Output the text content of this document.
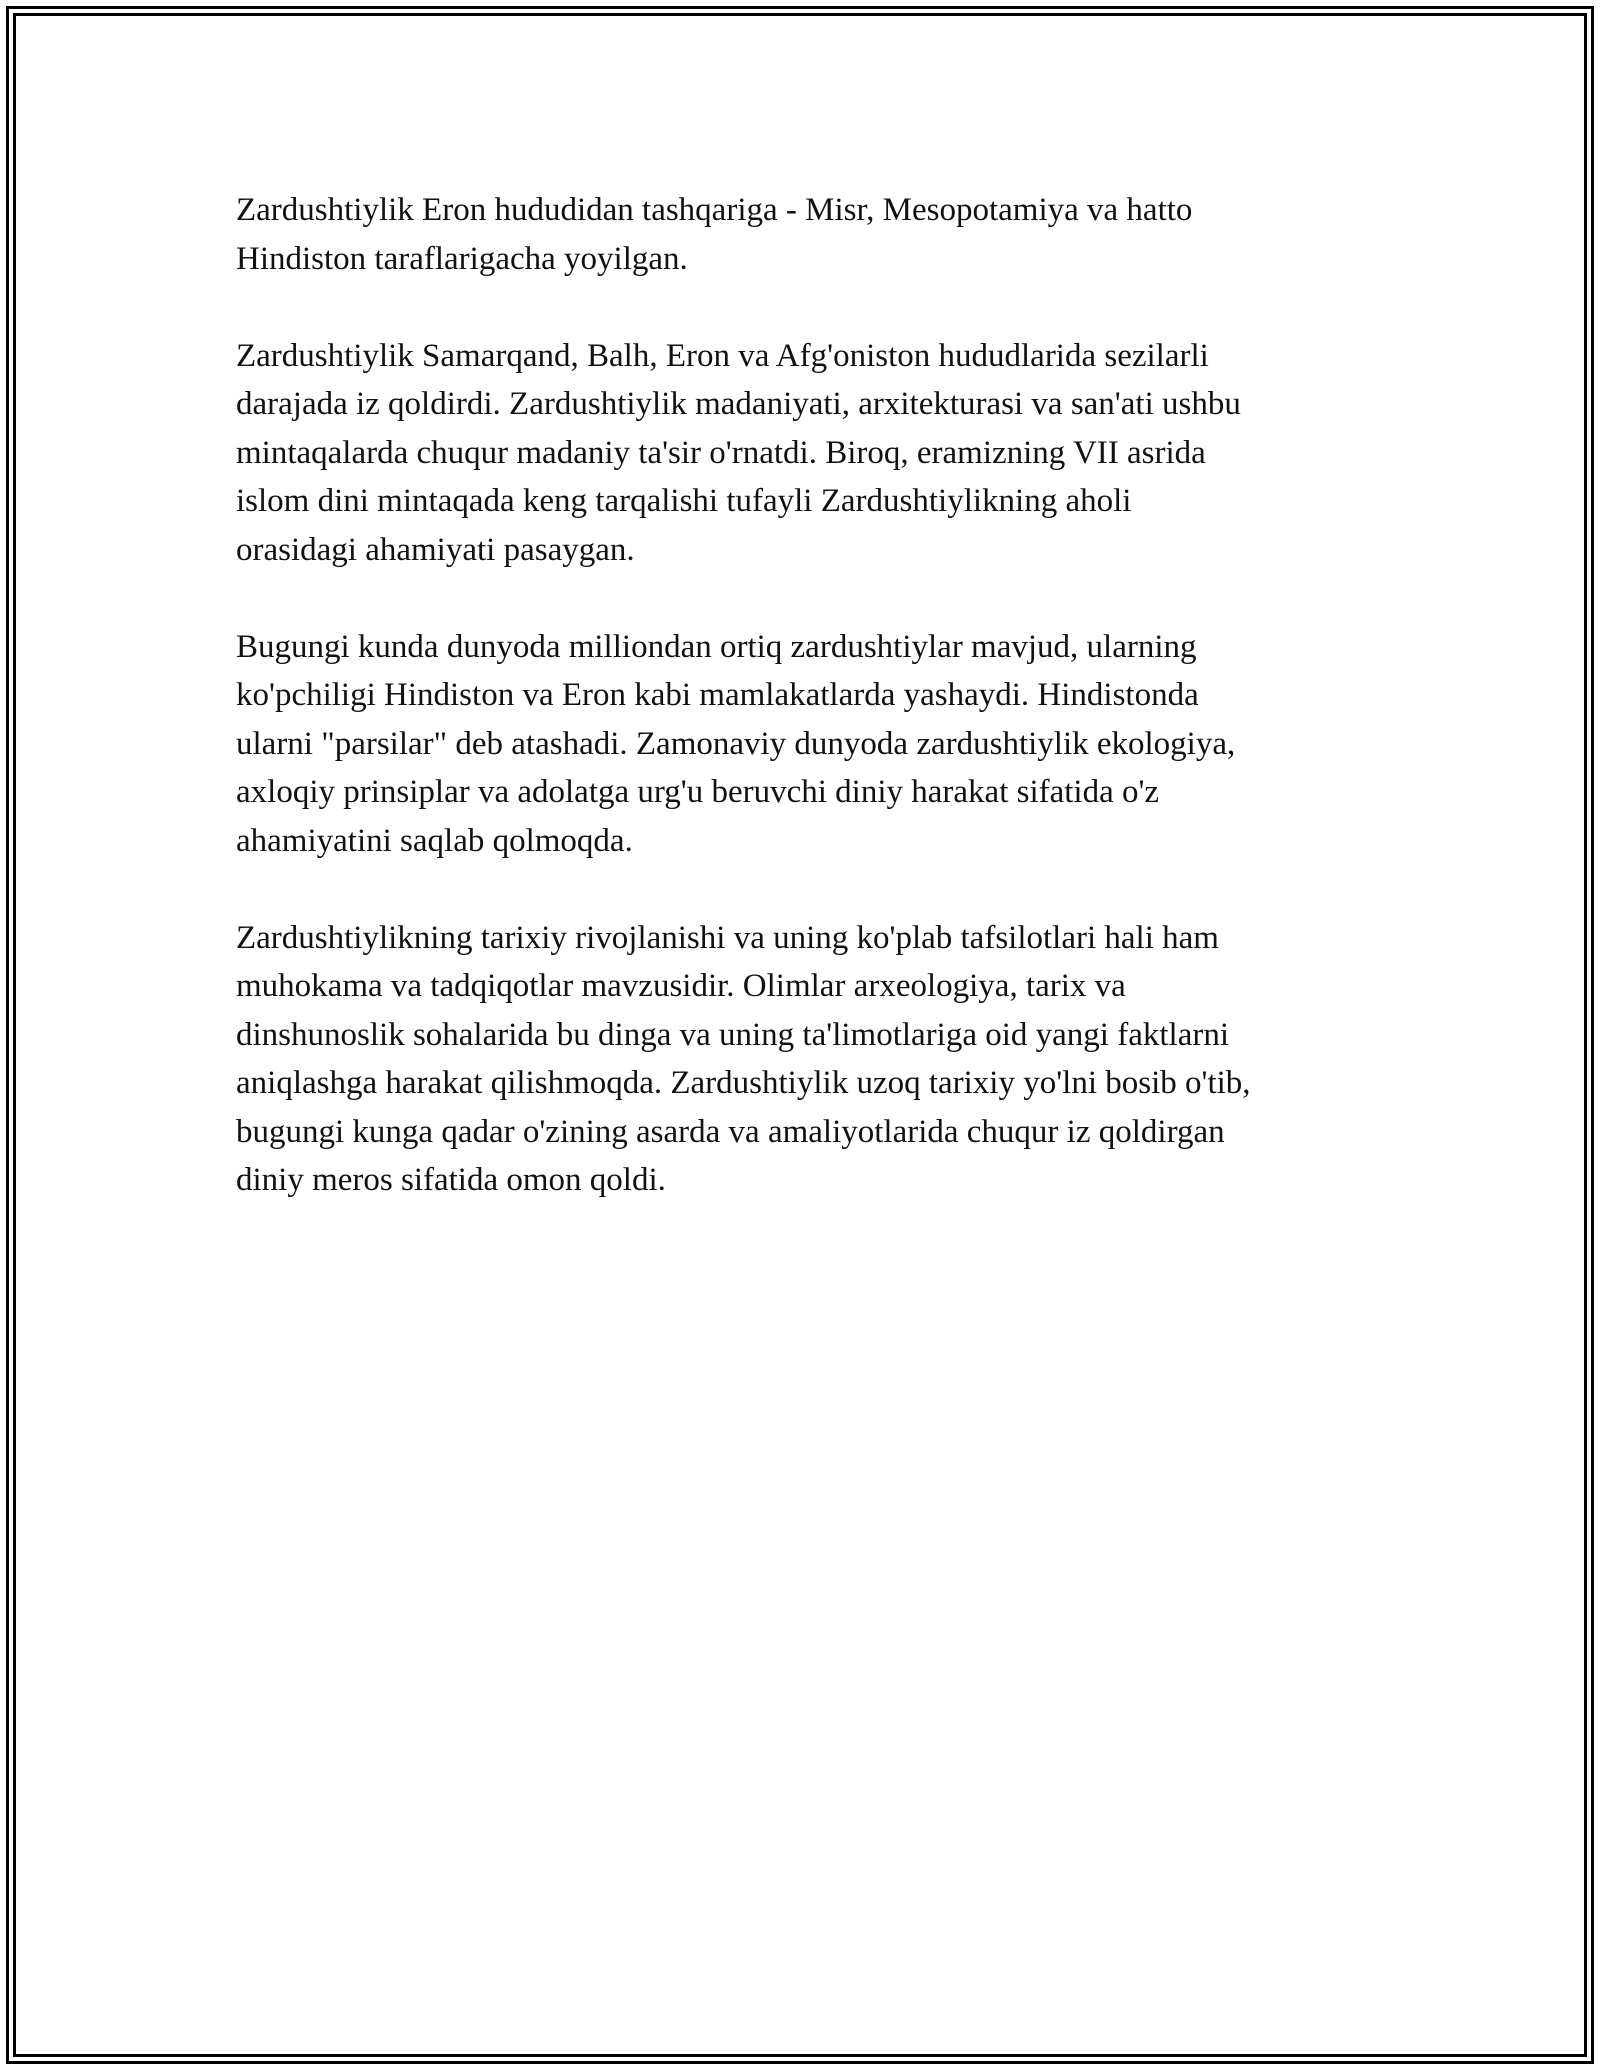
Zardushtiylik Eron hududidan tashqariga - Misr, Mesopotamiya va hatto
Hindiston taraflarigacha yoyilgan.

Zardushtiylik Samarqand, Balh, Eron va Afg'oniston hududlarida sezilarli
darajada iz qoldirdi. Zardushtiylik madaniyati, arxitekturasi va san'ati ushbu
mintaqalarda chuqur madaniy ta'sir o'rnatdi. Biroq, eramizning VII asrida
islom dini mintaqada keng tarqalishi tufayli Zardushtiylikning aholi
orasidagi ahamiyati pasaygan.

Bugungi kunda dunyoda milliondan ortiq zardushtiylar mavjud, ularning
ko'pchiligi Hindiston va Eron kabi mamlakatlarda yashaydi. Hindistonda
ularni "parsilar" deb atashadi. Zamonaviy dunyoda zardushtiylik ekologiya,
axloqiy prinsiplar va adolatga urg'u beruvchi diniy harakat sifatida o'z
ahamiyatini saqlab qolmoqda.

Zardushtiylikning tarixiy rivojlanishi va uning ko'plab tafsilotlari hali ham
muhokama va tadqiqotlar mavzusidir. Olimlar arxeologiya, tarix va
dinshunoslik sohalarida bu dinga va uning ta'limotlariga oid yangi faktlarni
aniqlashga harakat qilishmoqda. Zardushtiylik uzoq tarixiy yo'lni bosib o'tib,
bugungi kunga qadar o'zining asarda va amaliyotlarida chuqur iz qoldirgan
diniy meros sifatida omon qoldi.
